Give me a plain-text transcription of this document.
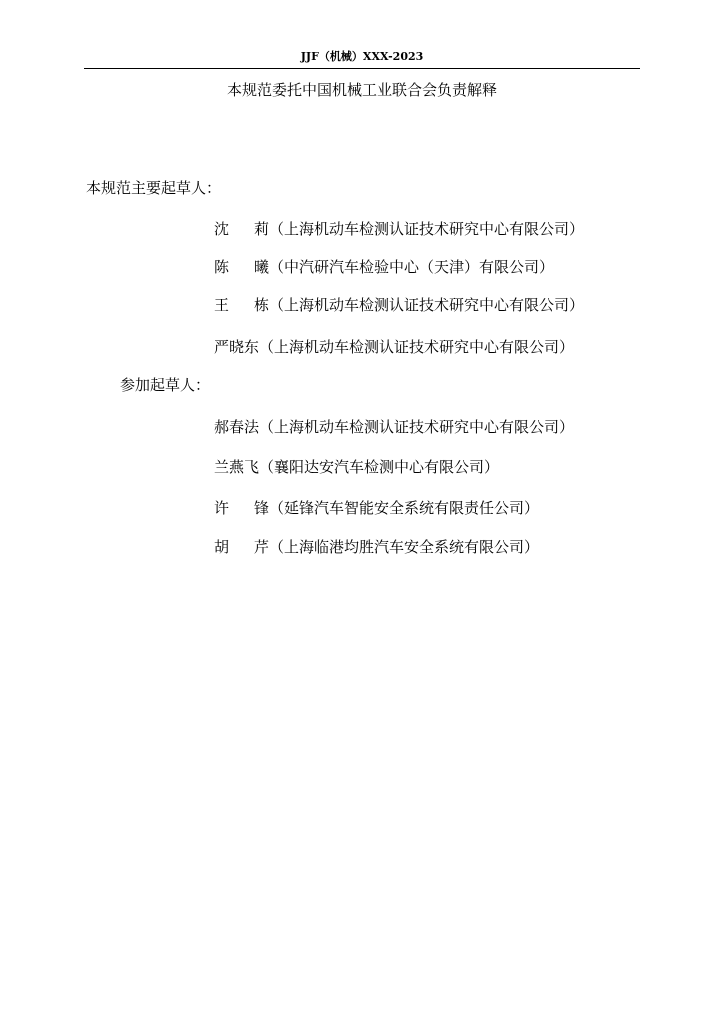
JJF（机械）XXX-2023
本规范委托中国机械工业联合会负责解释
本规范主要起草人：
沈 莉（上海机动车检测认证技术研究中心有限公司）
陈 曦（中汽研汽车检验中心（天津）有限公司）
王 栋（上海机动车检测认证技术研究中心有限公司）
严晓东（上海机动车检测认证技术研究中心有限公司）
参加起草人：
郝春法（上海机动车检测认证技术研究中心有限公司）
兰燕飞（襄阳达安汽车检测中心有限公司）
许 锋（延锋汽车智能安全系统有限责任公司）
胡 芹（上海临港均胜汽车安全系统有限公司）
